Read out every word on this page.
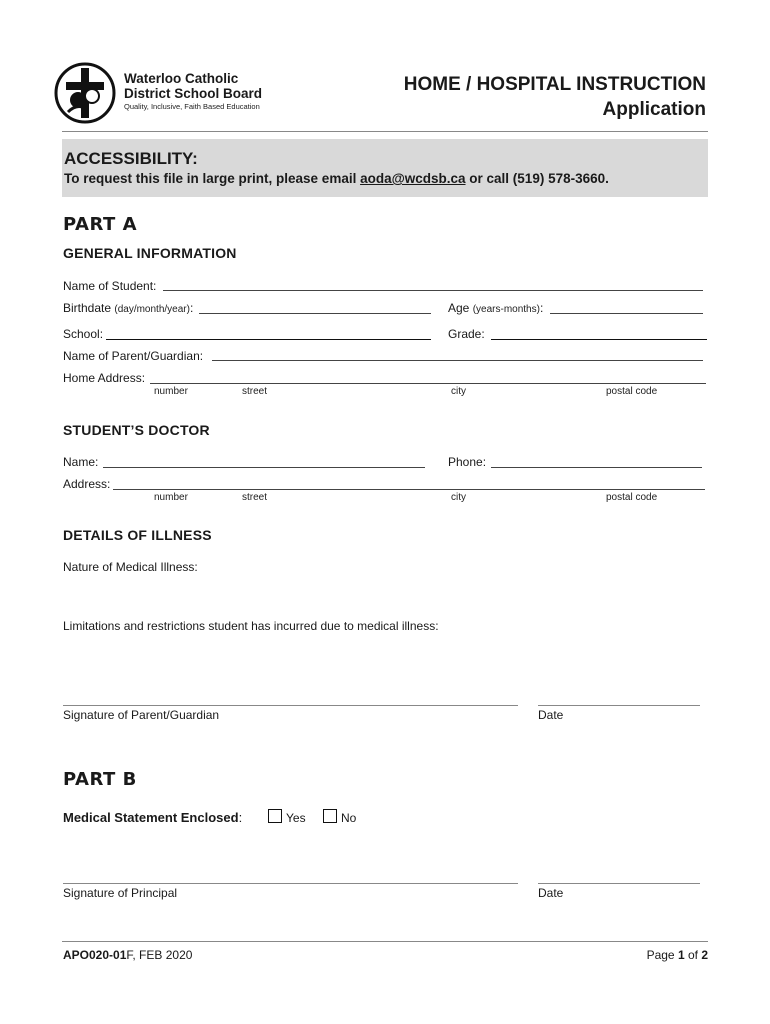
Waterloo Catholic
District School Board
Quality, Inclusive, Faith Based Education
HOME / HOSPITAL INSTRUCTION
Application
ACCESSIBILITY:
To request this file in large print, please email aoda@wcdsb.ca or call (519) 578-3660.
PART A
GENERAL INFORMATION
Name of Student:
Birthdate (day/month/year):	Age (years-months):
School:	Grade:
Name of Parent/Guardian:
Home Address:
number	street	city	postal code
STUDENT’S DOCTOR
Name:	Phone:
Address:
number	street	city	postal code
DETAILS OF ILLNESS
Nature of Medical Illness:
Limitations and restrictions student has incurred due to medical illness:
Signature of Parent/Guardian	Date
PART B
Medical Statement Enclosed:	Yes	No
Signature of Principal	Date
APO020-01F, FEB 2020	Page 1 of 2
